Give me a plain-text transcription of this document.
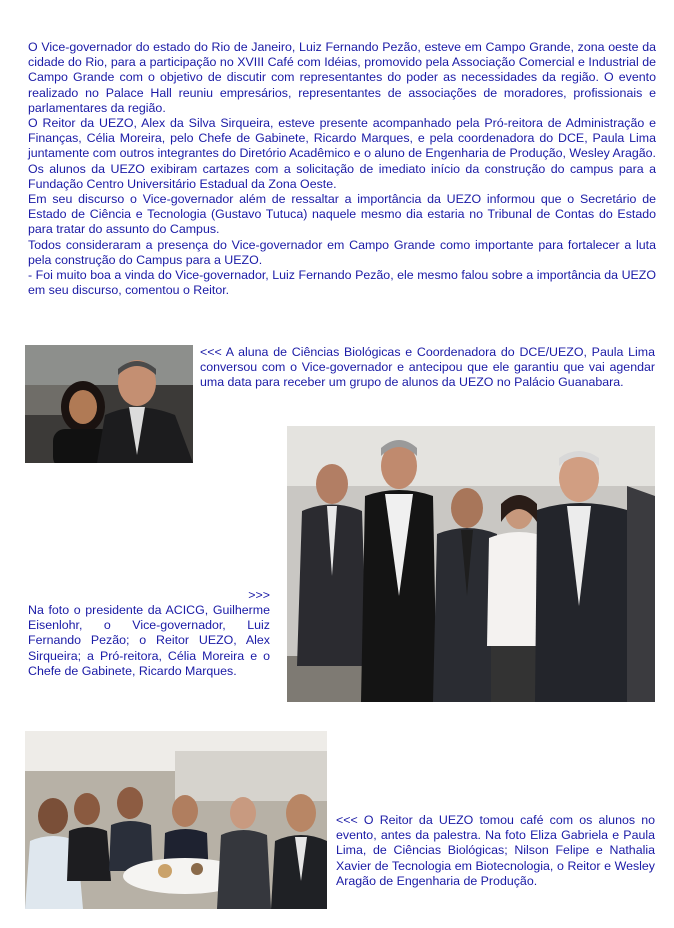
O Vice-governador do estado do Rio de Janeiro, Luiz Fernando Pezão, esteve em Campo Grande, zona oeste da cidade do Rio, para a participação no XVIII Café com Idéias, promovido pela Associação Comercial e Industrial de Campo Grande com o objetivo de discutir com representantes do poder as necessidades da região. O evento realizado no Palace Hall reuniu empresários, representantes de associações de moradores, profissionais e parlamentares da região.

O Reitor da UEZO, Alex da Silva Sirqueira, esteve presente acompanhado pela Pró-reitora de Administração e Finanças, Célia Moreira, pelo Chefe de Gabinete, Ricardo Marques, e pela coordenadora do DCE, Paula Lima juntamente com outros integrantes do Diretório Acadêmico e o aluno de Engenharia de Produção, Wesley Aragão.

Os alunos da UEZO exibiram cartazes com a solicitação de imediato início da construção do campus para a Fundação Centro Universitário Estadual da Zona Oeste.

Em seu discurso o Vice-governador além de ressaltar a importância da UEZO informou que o Secretário de Estado de Ciência e Tecnologia (Gustavo Tutuca) naquele mesmo dia estaria no Tribunal de Contas do Estado para tratar do assunto do Campus.

Todos consideraram a presença do Vice-governador em Campo Grande como importante para fortalecer a luta pela construção do Campus para a UEZO.

- Foi muito boa a vinda do Vice-governador, Luiz Fernando Pezão, ele mesmo falou sobre a importância da UEZO em seu discurso, comentou o Reitor.

<<< A aluna de Ciências Biológicas e Coordenadora do DCE/UEZO, Paula Lima conversou com o Vice-governador e antecipou que ele garantiu que vai agendar uma data para receber um grupo de alunos da UEZO no Palácio Guanabara.
>>>
Na foto o presidente da ACICG, Guilherme Eisenlohr, o Vice-governador, Luiz Fernando Pezão; o Reitor UEZO, Alex Sirqueira; a Pró-reitora, Célia Moreira e o Chefe de Gabinete, Ricardo Marques.
<<< O Reitor da UEZO tomou café com os alunos no evento, antes da palestra. Na foto Eliza Gabriela e Paula Lima, de Ciências Biológicas; Nilson Felipe e Nathalia Xavier de Tecnologia em Biotecnologia, o Reitor e Wesley Aragão de Engenharia de Produção.
